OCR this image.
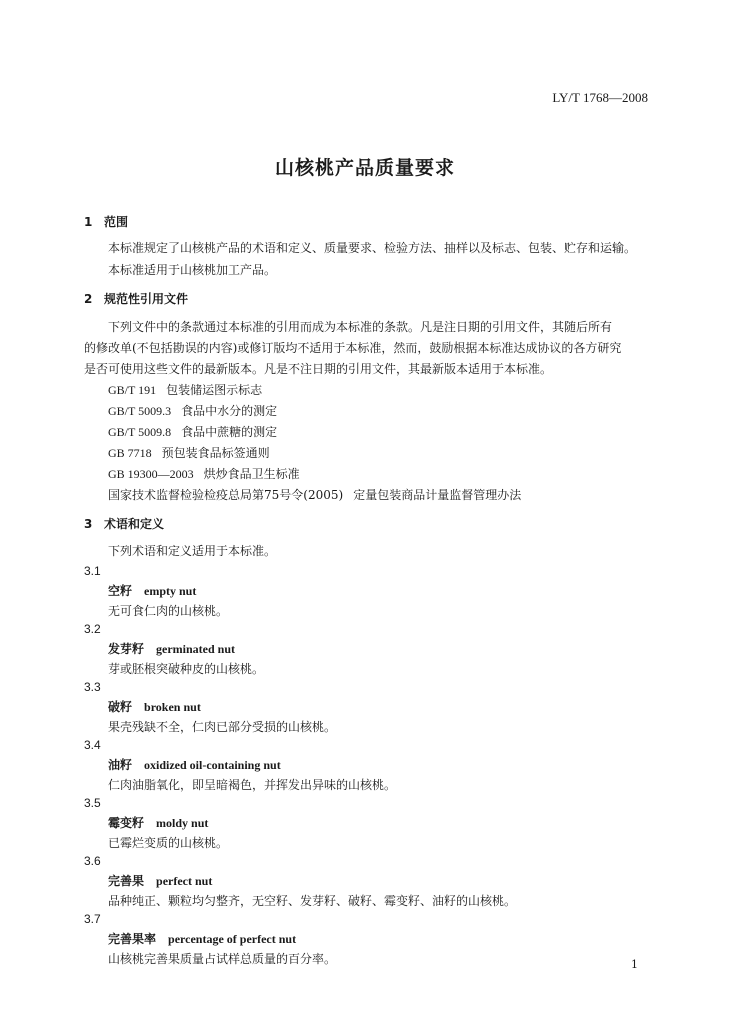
LY/T 1768—2008
山核桃产品质量要求
1 范围
本标准规定了山核桃产品的术语和定义、质量要求、检验方法、抽样以及标志、包装、贮存和运输。
本标准适用于山核桃加工产品。
2 规范性引用文件
下列文件中的条款通过本标准的引用而成为本标准的条款。凡是注日期的引用文件，其随后所有
的修改单(不包括勘误的内容)或修订版均不适用于本标准，然而，鼓励根据本标准达成协议的各方研究
是否可使用这些文件的最新版本。凡是不注日期的引用文件，其最新版本适用于本标准。
GB/T 191 包装储运图示标志
GB/T 5009.3 食品中水分的测定
GB/T 5009.8 食品中蔗糖的测定
GB 7718 预包装食品标签通则
GB 19300—2003 烘炒食品卫生标准
国家技术监督检验检疫总局第75号令(2005) 定量包装商品计量监督管理办法
3 术语和定义
下列术语和定义适用于本标准。
3.1
空籽 empty nut
无可食仁肉的山核桃。
3.2
发芽籽 germinated nut
芽或胚根突破种皮的山核桃。
3.3
破籽 broken nut
果壳残缺不全，仁肉已部分受损的山核桃。
3.4
油籽 oxidized oil-containing nut
仁肉油脂氧化，即呈暗褐色，并挥发出异味的山核桃。
3.5
霉变籽 moldy nut
已霉烂变质的山核桃。
3.6
完善果 perfect nut
品种纯正、颗粒均匀整齐，无空籽、发芽籽、破籽、霉变籽、油籽的山核桃。
3.7
完善果率 percentage of perfect nut
山核桃完善果质量占试样总质量的百分率。	1
